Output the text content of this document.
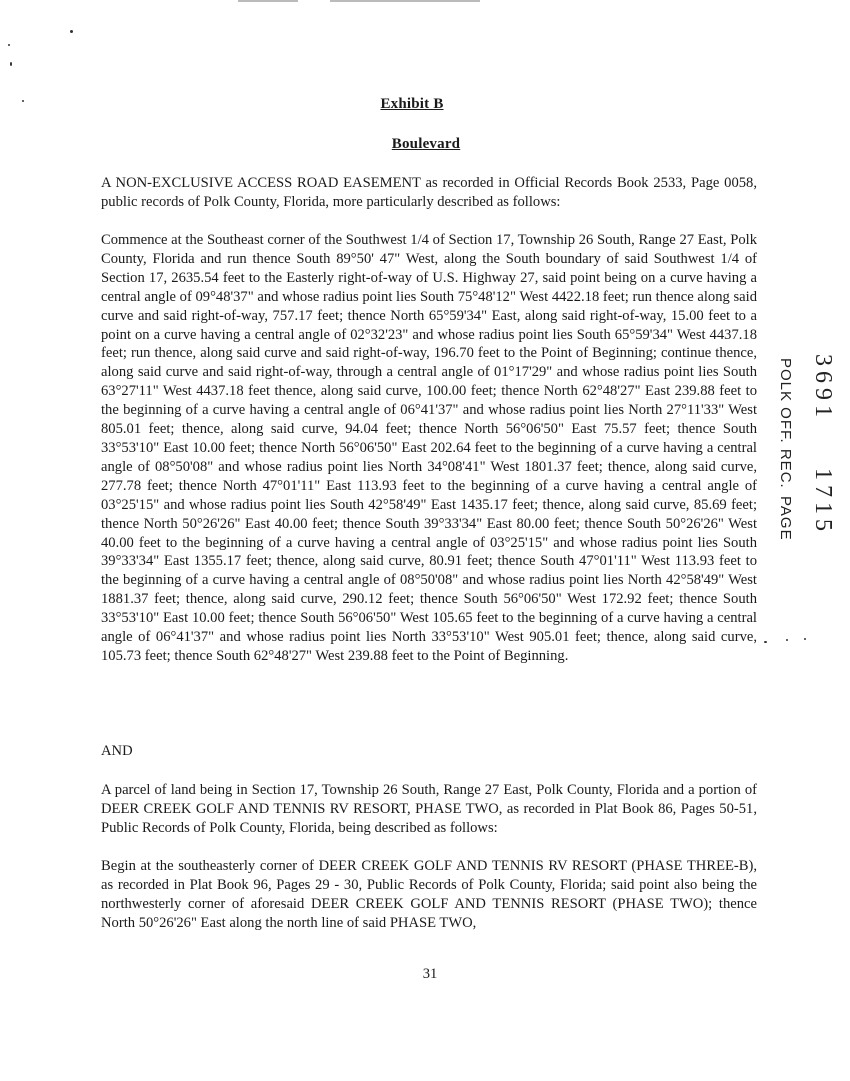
Exhibit B
Boulevard

A NON-EXCLUSIVE ACCESS ROAD EASEMENT as recorded in Official Records Book 2533, Page 0058, public records of Polk County, Florida, more particularly described as follows:

Commence at the Southeast corner of the Southwest 1/4 of Section 17, Township 26 South, Range 27 East, Polk County, Florida and run thence South 89°50' 47" West, along the South boundary of said Southwest 1/4 of Section 17, 2635.54 feet to the Easterly right-of-way of U.S. Highway 27, said point being on a curve having a central angle of 09°48'37" and whose radius point lies South 75°48'12" West 4422.18 feet; run thence along said curve and said right-of-way, 757.17 feet; thence North 65°59'34" East, along said right-of-way, 15.00 feet to a point on a curve having a central angle of 02°32'23" and whose radius point lies South 65°59'34" West 4437.18 feet; run thence, along said curve and said right-of-way, 196.70 feet to the Point of Beginning; continue thence, along said curve and said right-of-way, through a central angle of 01°17'29" and whose radius point lies South 63°27'11" West 4437.18 feet thence, along said curve, 100.00 feet; thence North 62°48'27" East 239.88 feet to the beginning of a curve having a central angle of 06°41'37" and whose radius point lies North 27°11'33" West 805.01 feet; thence, along said curve, 94.04 feet; thence North 56°06'50" East 75.57 feet; thence South 33°53'10" East 10.00 feet; thence North 56°06'50" East 202.64 feet to the beginning of a curve having a central angle of 08°50'08" and whose radius point lies North 34°08'41" West 1801.37 feet; thence, along said curve, 277.78 feet; thence North 47°01'11" East 113.93 feet to the beginning of a curve having a central angle of 03°25'15" and whose radius point lies South 42°58'49" East 1435.17 feet; thence, along said curve, 85.69 feet; thence North 50°26'26" East 40.00 feet; thence South 39°33'34" East 80.00 feet; thence South 50°26'26" West 40.00 feet to the beginning of a curve having a central angle of 03°25'15" and whose radius point lies South 39°33'34" East 1355.17 feet; thence, along said curve, 80.91 feet; thence South 47°01'11" West 113.93 feet to the beginning of a curve having a central angle of 08°50'08" and whose radius point lies North 42°58'49" West 1881.37 feet; thence, along said curve, 290.12 feet; thence South 56°06'50" West 172.92 feet; thence South 33°53'10" East 10.00 feet; thence South 56°06'50" West 105.65 feet to the beginning of a curve having a central angle of 06°41'37" and whose radius point lies North 33°53'10" West 905.01 feet; thence, along said curve, 105.73 feet; thence South 62°48'27" West 239.88 feet to the Point of Beginning.

AND

A parcel of land being in Section 17, Township 26 South, Range 27 East, Polk County, Florida and a portion of DEER CREEK GOLF AND TENNIS RV RESORT, PHASE TWO, as recorded in Plat Book 86, Pages 50-51, Public Records of Polk County, Florida, being described as follows:

Begin at the southeasterly corner of DEER CREEK GOLF AND TENNIS RV RESORT (PHASE THREE-B), as recorded in Plat Book 96, Pages 29 - 30, Public Records of Polk County, Florida; said point also being the northwesterly corner of aforesaid DEER CREEK GOLF AND TENNIS RESORT (PHASE TWO); thence North 50°26'26" East along the north line of said PHASE TWO,

31
3691
POLK OFF. REC.
1715
PAGE
